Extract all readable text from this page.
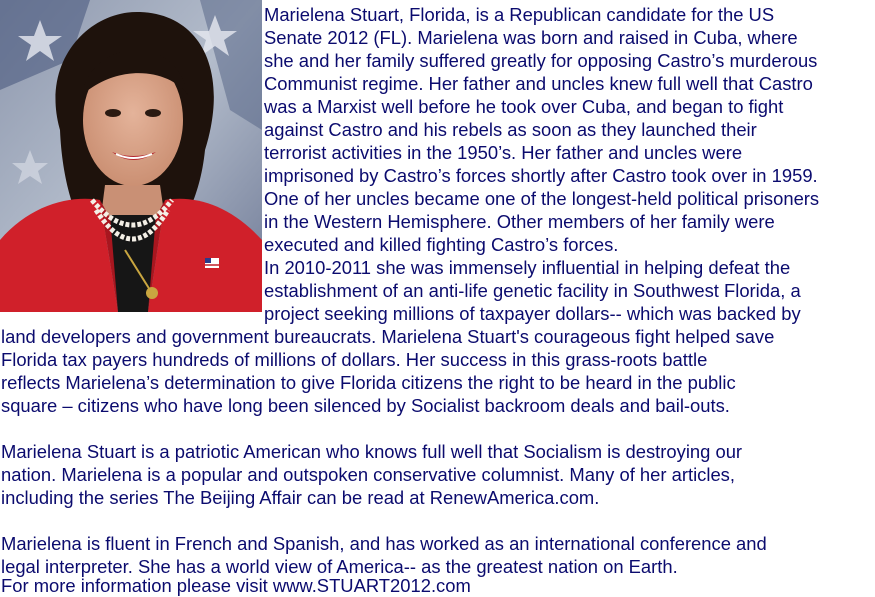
Marielena Stuart, Florida, is a Republican candidate for the US
Senate 2012 (FL). Marielena was born and raised in Cuba, where
she and her family suffered greatly for opposing Castro’s murderous
Communist regime. Her father and uncles knew full well that Castro
was a Marxist well before he took over Cuba, and began to fight
against Castro and his rebels as soon as they launched their
terrorist activities in the 1950’s. Her father and uncles were
imprisoned by Castro’s forces shortly after Castro took over in 1959.
One of her uncles became one of the longest-held political prisoners
in the Western Hemisphere. Other members of her family were
executed and killed fighting Castro’s forces.
In 2010-2011 she was immensely influential in helping defeat the
establishment of an anti-life genetic facility in Southwest Florida, a
project seeking millions of taxpayer dollars-- which was backed by
land developers and government bureaucrats. Marielena Stuart's courageous fight helped save
Florida tax payers hundreds of millions of dollars. Her success in this grass-roots battle
reflects Marielena’s determination to give Florida citizens the right to be heard in the public
square – citizens who have long been silenced by Socialist backroom deals and bail-outs.
Marielena Stuart is a patriotic American who knows full well that Socialism is destroying our
nation. Marielena is a popular and outspoken conservative columnist. Many of her articles,
including the series The Beijing Affair can be read at RenewAmerica.com.
Marielena is fluent in French and Spanish, and has worked as an international conference and
legal interpreter. She has a world view of America-- as the greatest nation on Earth.
For more information please visit www.STUART2012.com
